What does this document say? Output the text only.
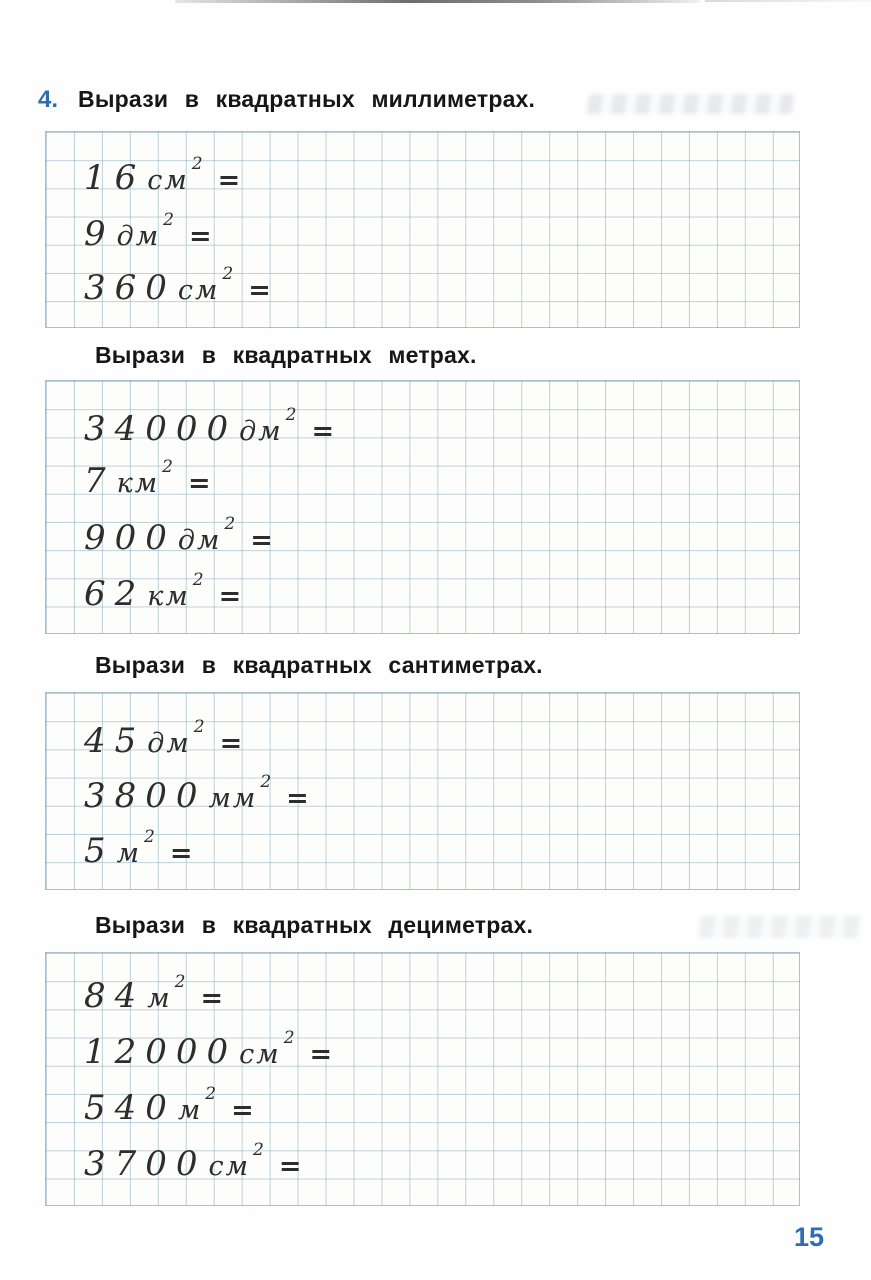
4. Вырази в квадратных миллиметрах.
16 см
$^2$
=
9 дм
$^2$
=
360 см
$^2$
=
Вырази в квадратных метрах.
34000 дм
$^2$
=
7 км
$^2$
=
900 дм
$^2$
=
62 км
$^2$
=
Вырази в квадратных сантиметрах.
45 дм
$^2$
=
3800 мм
$^2$
=
5 м
$^2$
=
Вырази в квадратных дециметрах.
84 м
$^2$
=
12000 см
$^2$
=
540 м
$^2$
=
3700 см
$^2$
=
15
